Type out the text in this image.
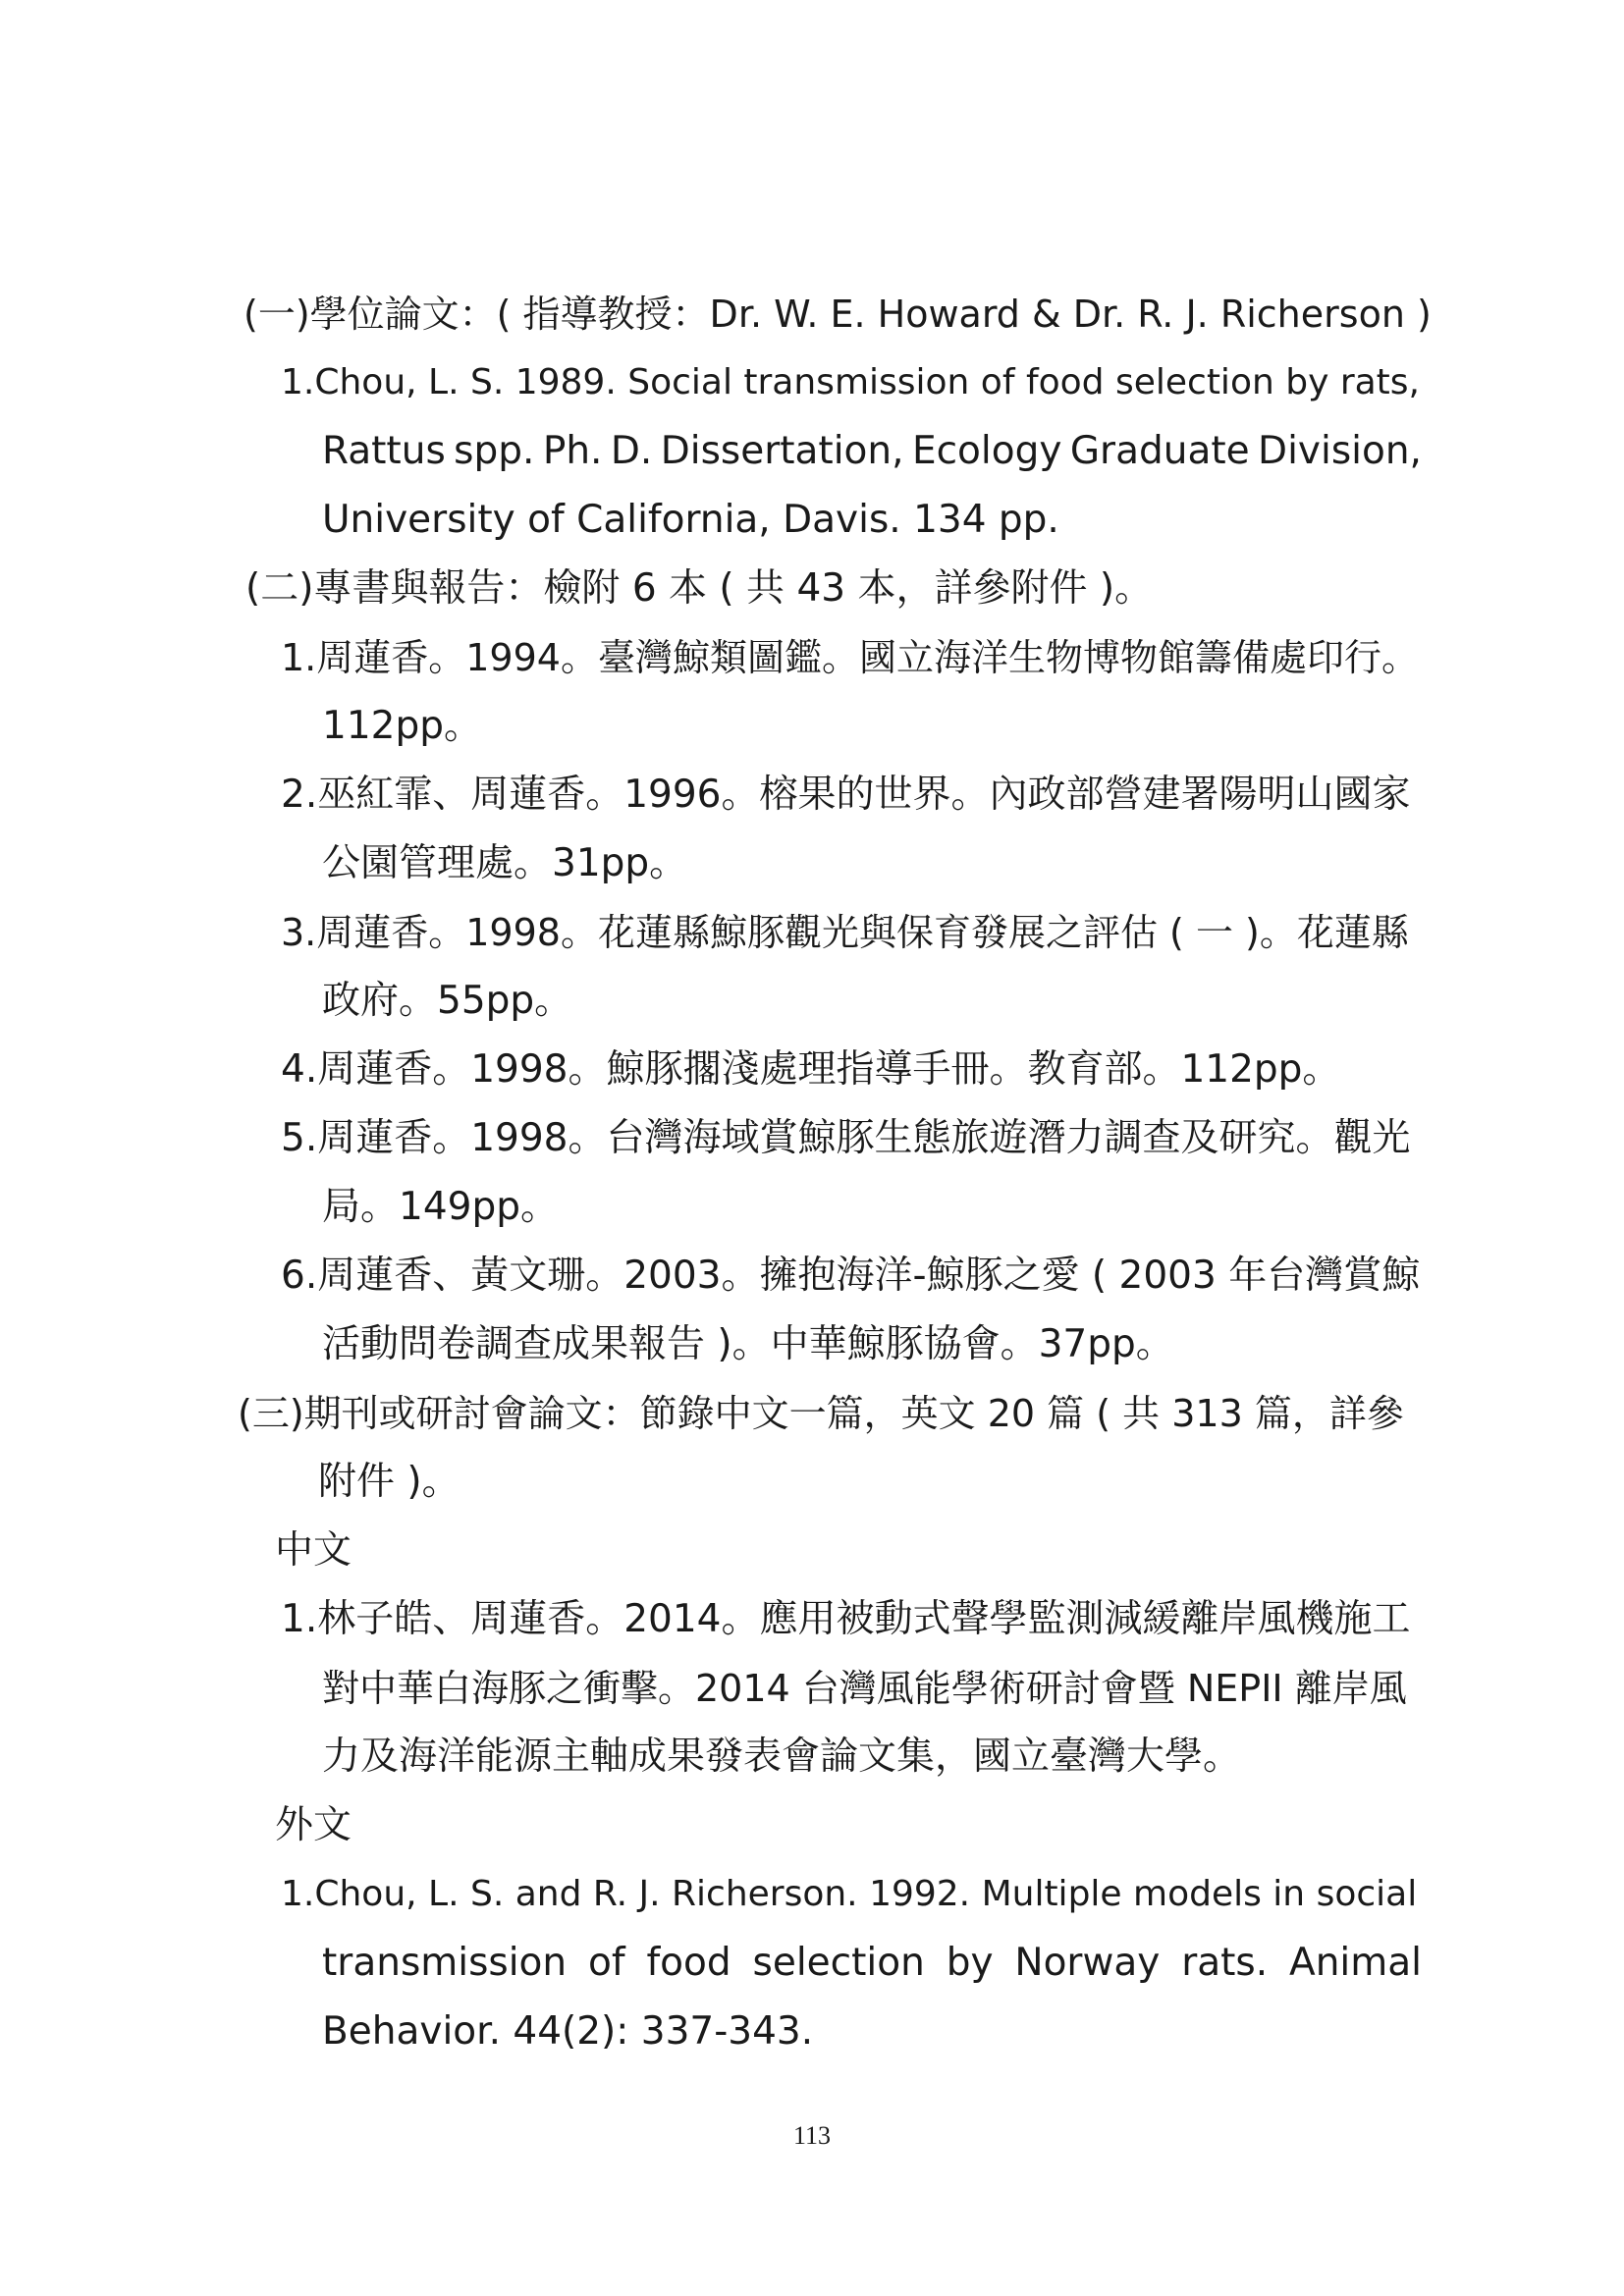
(一)學位論文：( 指導教授：Dr. W. E. Howard & Dr. R. J. Richerson )
1.Chou, L. S. 1989. Social transmission of food selection by rats,
Rattus spp. Ph. D. Dissertation, Ecology Graduate Division,
University of California, Davis. 134 pp.
(二)專書與報告：檢附 6 本 ( 共 43 本，詳參附件 )。
1.周蓮香。1994。臺灣鯨類圖鑑。國立海洋生物博物館籌備處印行。
112pp。
2.巫紅霏、周蓮香。1996。榕果的世界。內政部營建署陽明山國家
公園管理處。31pp。
3.周蓮香。1998。花蓮縣鯨豚觀光與保育發展之評估 ( 一 )。花蓮縣
政府。55pp。
4.周蓮香。1998。鯨豚擱淺處理指導手冊。教育部。112pp。
5.周蓮香。1998。台灣海域賞鯨豚生態旅遊潛力調查及研究。觀光
局。149pp。
6.周蓮香、黃文珊。2003。擁抱海洋-鯨豚之愛 ( 2003 年台灣賞鯨
活動問卷調查成果報告 )。中華鯨豚協會。37pp。
(三)期刊或研討會論文：節錄中文一篇，英文 20 篇 ( 共 313 篇，詳參
附件 )。
中文
1.林子皓、周蓮香。2014。應用被動式聲學監測減緩離岸風機施工
對中華白海豚之衝擊。2014 台灣風能學術研討會暨 NEPII 離岸風
力及海洋能源主軸成果發表會論文集，國立臺灣大學。
外文
1.Chou, L. S. and R. J. Richerson. 1992. Multiple models in social
transmission of food selection by Norway rats. Animal
Behavior. 44(2): 337-343.
113
